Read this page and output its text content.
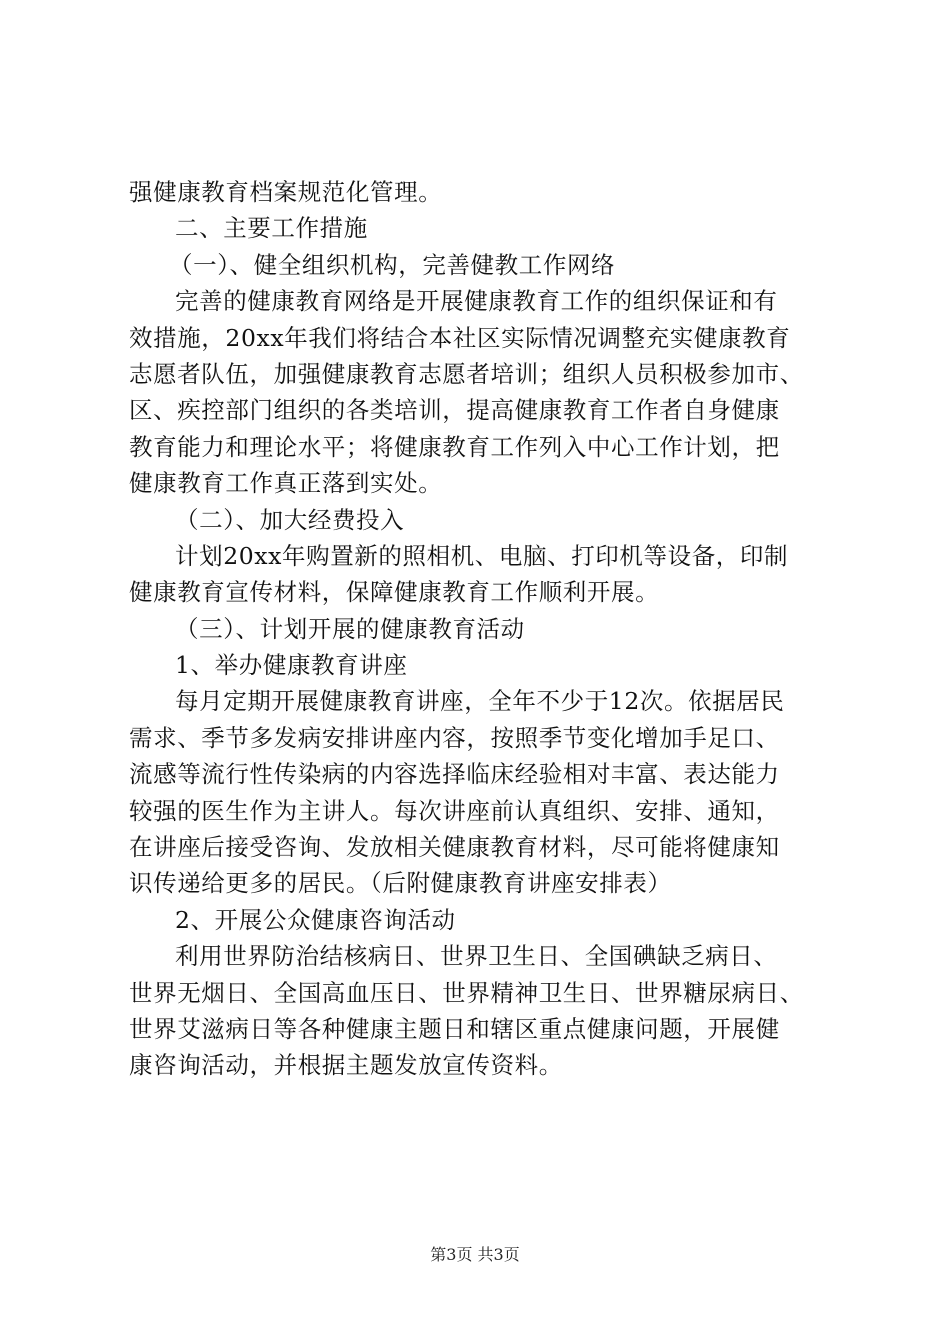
强健康教育档案规范化管理。
二、主要工作措施
（一）、健全组织机构，完善健教工作网络
完善的健康教育网络是开展健康教育工作的组织保证和有
效措施，20xx年我们将结合本社区实际情况调整充实健康教育
志愿者队伍，加强健康教育志愿者培训；组织人员积极参加市、
区、疾控部门组织的各类培训，提高健康教育工作者自身健康
教育能力和理论水平；将健康教育工作列入中心工作计划，把
健康教育工作真正落到实处。
（二）、加大经费投入
计划20xx年购置新的照相机、电脑、打印机等设备，印制
健康教育宣传材料，保障健康教育工作顺利开展。
（三）、计划开展的健康教育活动
1、举办健康教育讲座
每月定期开展健康教育讲座，全年不少于12次。依据居民
需求、季节多发病安排讲座内容，按照季节变化增加手足口、
流感等流行性传染病的内容选择临床经验相对丰富、表达能力
较强的医生作为主讲人。每次讲座前认真组织、安排、通知，
在讲座后接受咨询、发放相关健康教育材料，尽可能将健康知
识传递给更多的居民。（后附健康教育讲座安排表）
2、开展公众健康咨询活动
利用世界防治结核病日、世界卫生日、全国碘缺乏病日、
世界无烟日、全国高血压日、世界精神卫生日、世界糖尿病日、
世界艾滋病日等各种健康主题日和辖区重点健康问题，开展健
康咨询活动，并根据主题发放宣传资料。
第3页 共3页
